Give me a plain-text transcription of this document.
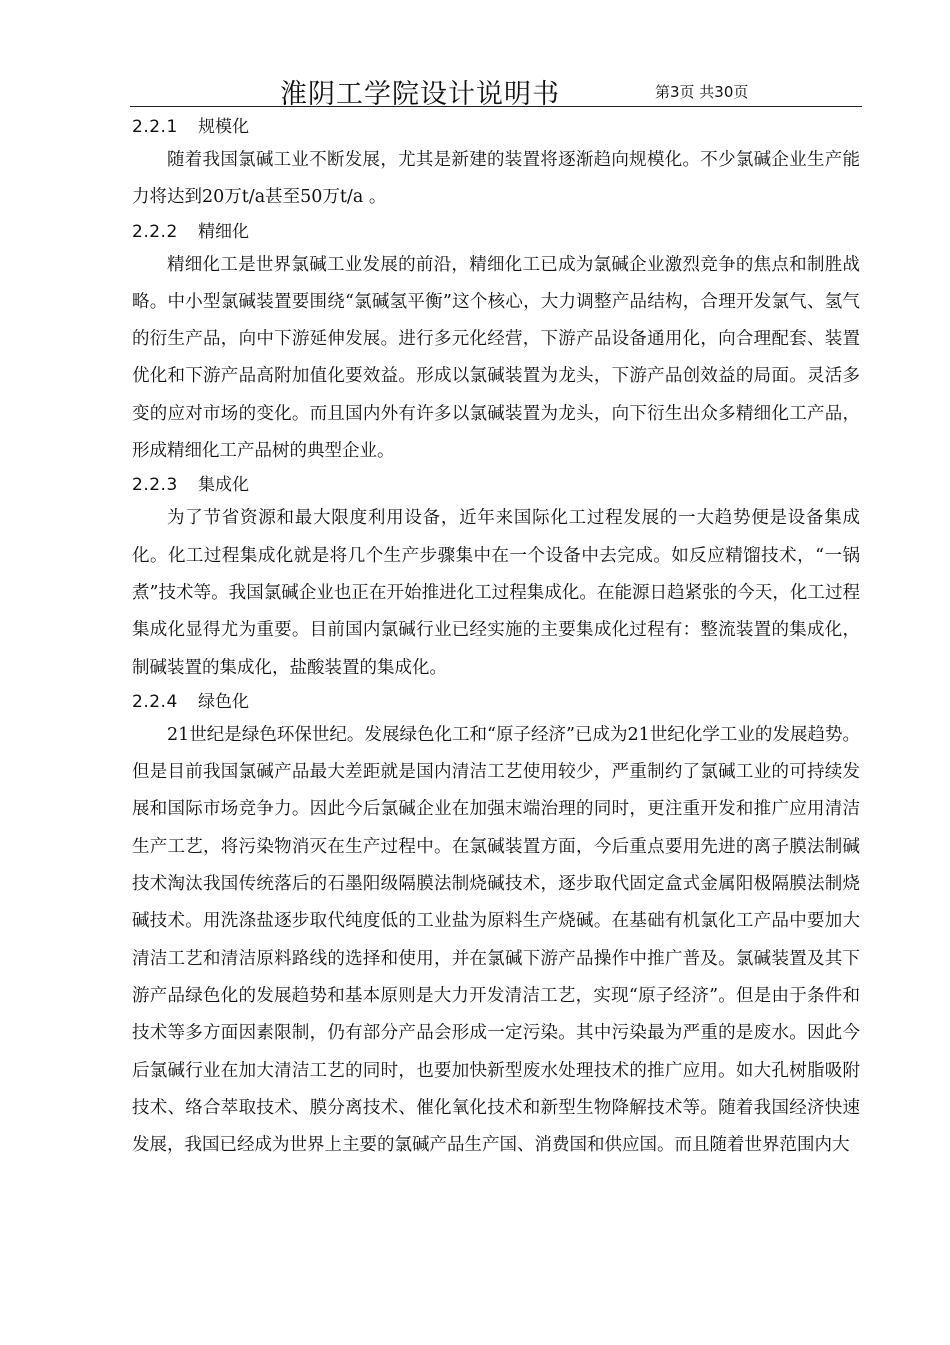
淮阴工学院设计说明书	第3页 共30页
2.2.1 规模化

随着我国氯碱工业不断发展，尤其是新建的装置将逐渐趋向规模化。不少氯碱企业生产能力将达到20万t/a甚至50万t/a 。

2.2.2 精细化

精细化工是世界氯碱工业发展的前沿，精细化工已成为氯碱企业激烈竞争的焦点和制胜战略。中小型氯碱装置要围绕“氯碱氢平衡”这个核心，大力调整产品结构，合理开发氯气、氢气的衍生产品，向中下游延伸发展。进行多元化经营，下游产品设备通用化，向合理配套、装置优化和下游产品高附加值化要效益。形成以氯碱装置为龙头，下游产品创效益的局面。灵活多变的应对市场的变化。而且国内外有许多以氯碱装置为龙头，向下衍生出众多精细化工产品，形成精细化工产品树的典型企业。

2.2.3 集成化

为了节省资源和最大限度利用设备，近年来国际化工过程发展的一大趋势便是设备集成化。化工过程集成化就是将几个生产步骤集中在一个设备中去完成。如反应精馏技术，“一锅煮”技术等。我国氯碱企业也正在开始推进化工过程集成化。在能源日趋紧张的今天，化工过程集成化显得尤为重要。目前国内氯碱行业已经实施的主要集成化过程有：整流装置的集成化，制碱装置的集成化，盐酸装置的集成化。

2.2.4 绿色化

21世纪是绿色环保世纪。发展绿色化工和“原子经济”已成为21世纪化学工业的发展趋势。但是目前我国氯碱产品最大差距就是国内清洁工艺使用较少，严重制约了氯碱工业的可持续发展和国际市场竞争力。因此今后氯碱企业在加强末端治理的同时，更注重开发和推广应用清洁生产工艺，将污染物消灭在生产过程中。在氯碱装置方面，今后重点要用先进的离子膜法制碱技术淘汰我国传统落后的石墨阳级隔膜法制烧碱技术，逐步取代固定盒式金属阳极隔膜法制烧碱技术。用洗涤盐逐步取代纯度低的工业盐为原料生产烧碱。在基础有机氯化工产品中要加大清洁工艺和清洁原料路线的选择和使用，并在氯碱下游产品操作中推广普及。氯碱装置及其下游产品绿色化的发展趋势和基本原则是大力开发清洁工艺，实现“原子经济”。但是由于条件和技术等多方面因素限制，仍有部分产品会形成一定污染。其中污染最为严重的是废水。因此今后氯碱行业在加大清洁工艺的同时，也要加快新型废水处理技术的推广应用。如大孔树脂吸附技术、络合萃取技术、膜分离技术、催化氧化技术和新型生物降解技术等。随着我国经济快速发展，我国已经成为世界上主要的氯碱产品生产国、消费国和供应国。而且随着世界范围内大
